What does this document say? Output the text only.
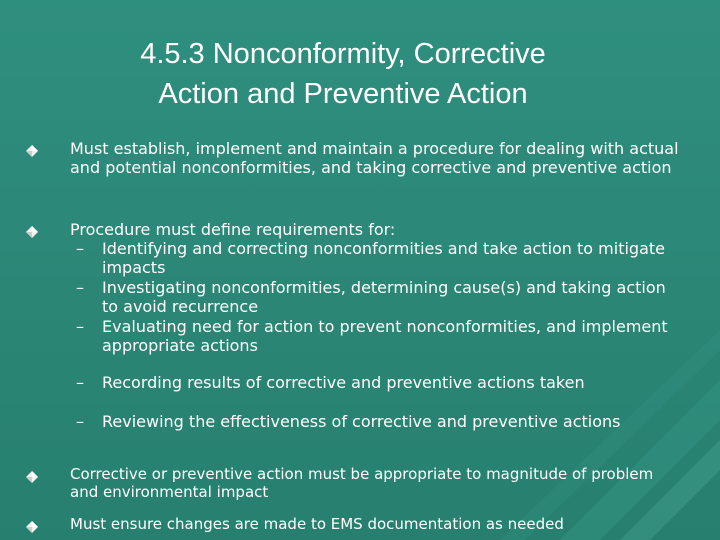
4.5.3 Nonconformity, Corrective
Action and Preventive Action
Must establish, implement and maintain a procedure for dealing with actual and potential nonconformities, and taking corrective and preventive action
Procedure must define requirements for:
–	Identifying and correcting nonconformities and take action to mitigate impacts
–	Investigating nonconformities, determining cause(s) and taking action to avoid recurrence
–	Evaluating need for action to prevent nonconformities, and implement appropriate actions
–	Recording results of corrective and preventive actions taken
–	Reviewing the effectiveness of corrective and preventive actions
Corrective or preventive action must be appropriate to magnitude of problem and environmental impact
Must ensure changes are made to EMS documentation as needed
